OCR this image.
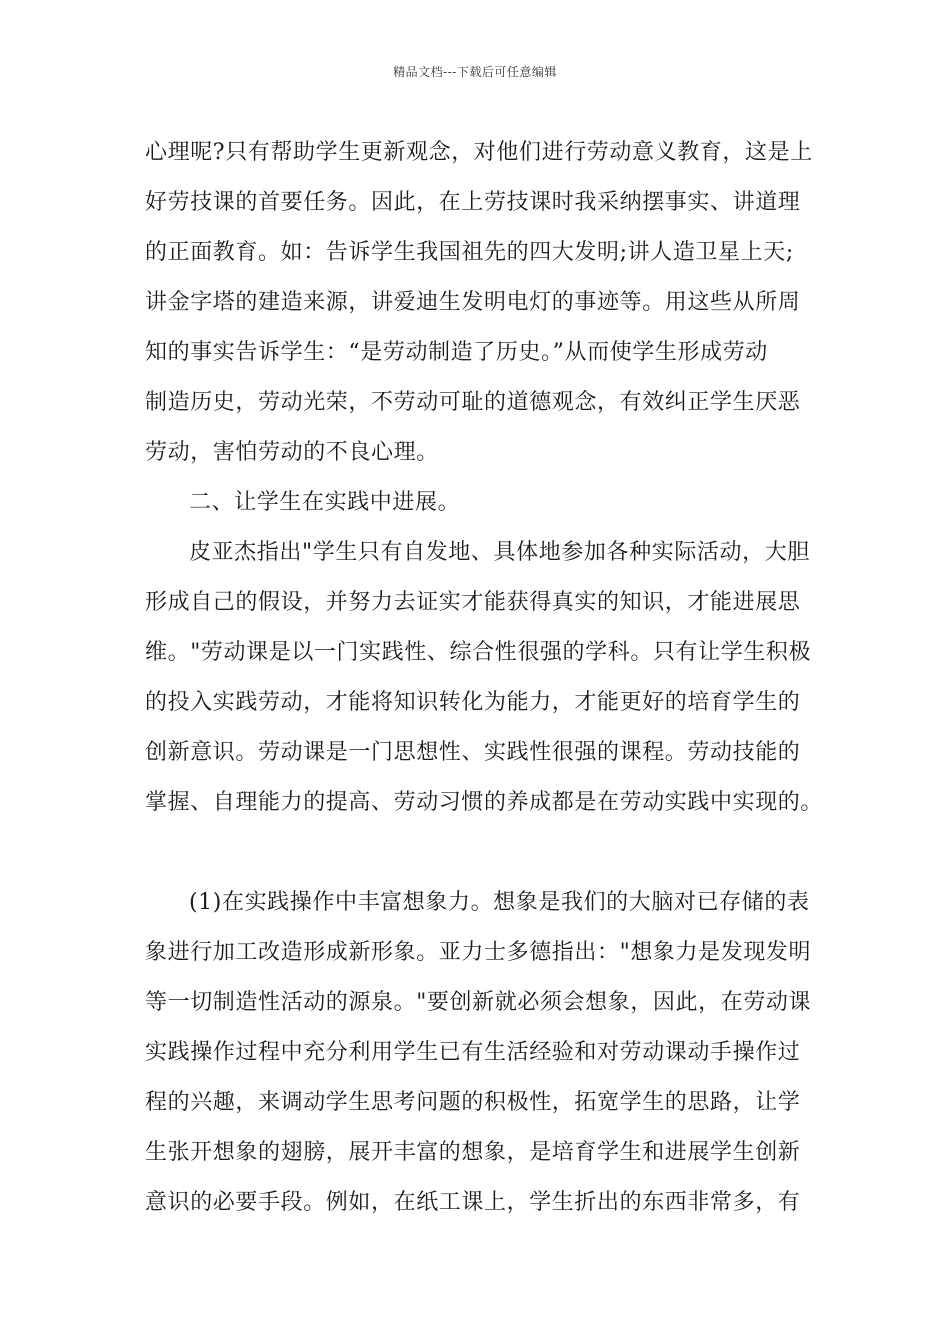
精品文档---下载后可任意编辑

心理呢?只有帮助学生更新观念，对他们进行劳动意义教育，这是上
好劳技课的首要任务。因此，在上劳技课时我采纳摆事实、讲道理
的正面教育。如：告诉学生我国祖先的四大发明;讲人造卫星上天;
讲金字塔的建造来源，讲爱迪生发明电灯的事迹等。用这些从所周
知的事实告诉学生：“是劳动制造了历史。”从而使学生形成劳动
制造历史，劳动光荣，不劳动可耻的道德观念，有效纠正学生厌恶
劳动，害怕劳动的不良心理。

二、让学生在实践中进展。

皮亚杰指出"学生只有自发地、具体地参加各种实际活动，大胆
形成自己的假设，并努力去证实才能获得真实的知识，才能进展思
维。"劳动课是以一门实践性、综合性很强的学科。只有让学生积极
的投入实践劳动，才能将知识转化为能力，才能更好的培育学生的
创新意识。劳动课是一门思想性、实践性很强的课程。劳动技能的
掌握、自理能力的提高、劳动习惯的养成都是在劳动实践中实现的。

(1)在实践操作中丰富想象力。想象是我们的大脑对已存储的表
象进行加工改造形成新形象。亚力士多德指出："想象力是发现发明
等一切制造性活动的源泉。"要创新就必须会想象，因此，在劳动课
实践操作过程中充分利用学生已有生活经验和对劳动课动手操作过
程的兴趣，来调动学生思考问题的积极性，拓宽学生的思路，让学
生张开想象的翅膀，展开丰富的想象，是培育学生和进展学生创新
意识的必要手段。例如，在纸工课上，学生折出的东西非常多，有
